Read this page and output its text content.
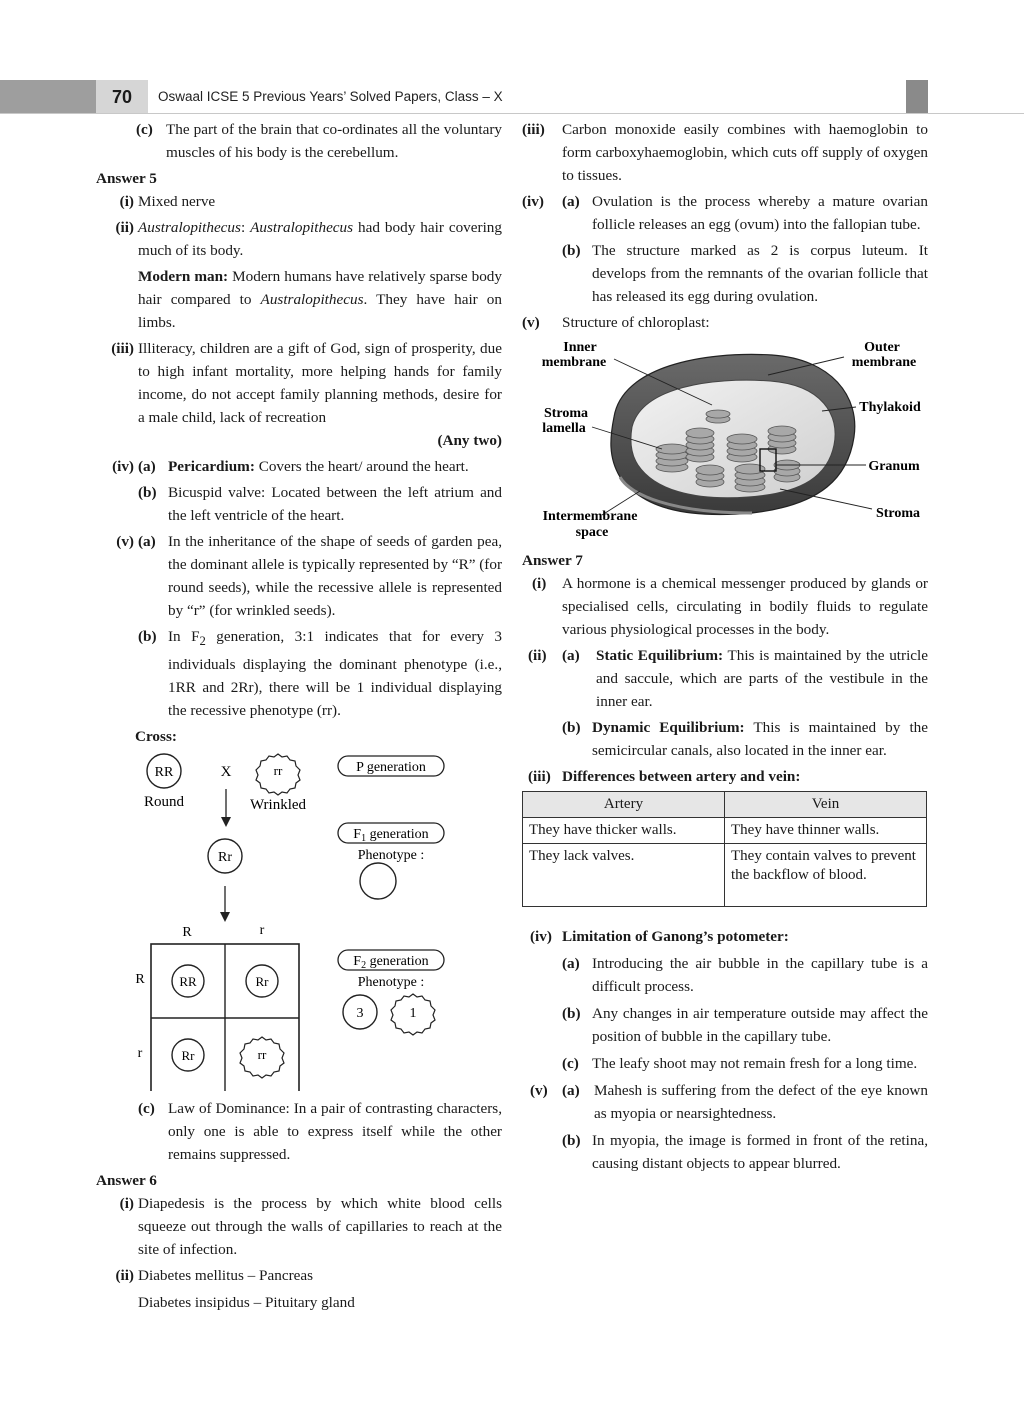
70	Oswaal ICSE 5 Previous Years’ Solved Papers, Class – X
(c) The part of the brain that co-ordinates all the voluntary muscles of his body is the cerebellum.

Answer 5

(i) Mixed nerve
(ii) Australopithecus: Australopithecus had body hair covering much of its body.
Modern man: Modern humans have relatively sparse body hair compared to Australopithecus. They have hair on limbs.
(iii) Illiteracy, children are a gift of God, sign of prosperity, due to high infant mortality, more helping hands for family income, do not accept family planning methods, desire for a male child, lack of recreation

(Any two)
(iv) (a) Pericardium: Covers the heart/ around the heart.
(b) Bicuspid valve: Located between the left atrium and the left ventricle of the heart.
(v) (a) In the inheritance of the shape of seeds of garden pea, the dominant allele is typically represented by “R” (for round seeds), while the recessive allele is represented by “r” (for wrinkled seeds).
(b) In $F_2$ generation, 3:1 indicates that for every 3 individuals displaying the dominant phenotype (i.e., 1RR and 2Rr), there will be 1 individual displaying the recessive phenotype (rr).
Cross:
RR
Round
X	rr
Wrinkled
P generation
Rr
$F_1$ generation
Phenotype :
R	r
R
r
RR	Rr
Rr	rr
$F_2$ generation
Phenotype :
3	1
(c) Law of Dominance: In a pair of contrasting characters, only one is able to express itself while the other remains suppressed.

Answer 6

(i) Diapedesis is the process by which white blood cells squeeze out through the walls of capillaries to reach at the site of infection.
(ii) Diabetes mellitus – Pancreas

Diabetes insipidus – Pituitary gland
(iii)	Carbon monoxide easily combines with haemoglobin to form carboxyhaemoglobin, which cuts off supply of oxygen to tissues.
(iv)	(a) Ovulation is the process whereby a mature ovarian follicle releases an egg (ovum) into the fallopian tube.
(b) The structure marked as 2 is corpus luteum. It develops from the remnants of the ovarian follicle that has released its egg during ovulation.
(v)	Structure of chloroplast:
Inner membrane
Outer membrane
Stroma lamella
Thylakoid
Granum
Intermembrane space
Stroma

Answer 7

(i)	A hormone is a chemical messenger produced by glands or specialised cells, circulating in bodily fluids to regulate various physiological processes in the body.
(ii)	(a)	Static Equilibrium: This is maintained by the utricle and saccule, which are parts of the vestibule in the inner ear.
(b) Dynamic Equilibrium: This is maintained by the semicircular canals, also located in the inner ear.
(iii) Differences between artery and vein:
Artery	Vein
They have thicker walls.	They have thinner walls.
They lack valves.	They contain valves to prevent the backflow of blood.
(iv) Limitation of Ganong’s potometer:
(a) Introducing the air bubble in the capillary tube is a difficult process.
(b) Any changes in air temperature outside may affect the position of bubble in the capillary tube.
(c) The leafy shoot may not remain fresh for a long time.
(v) (a) Mahesh is suffering from the defect of the eye known as myopia or nearsightedness.
(b) In myopia, the image is formed in front of the retina, causing distant objects to appear blurred.
